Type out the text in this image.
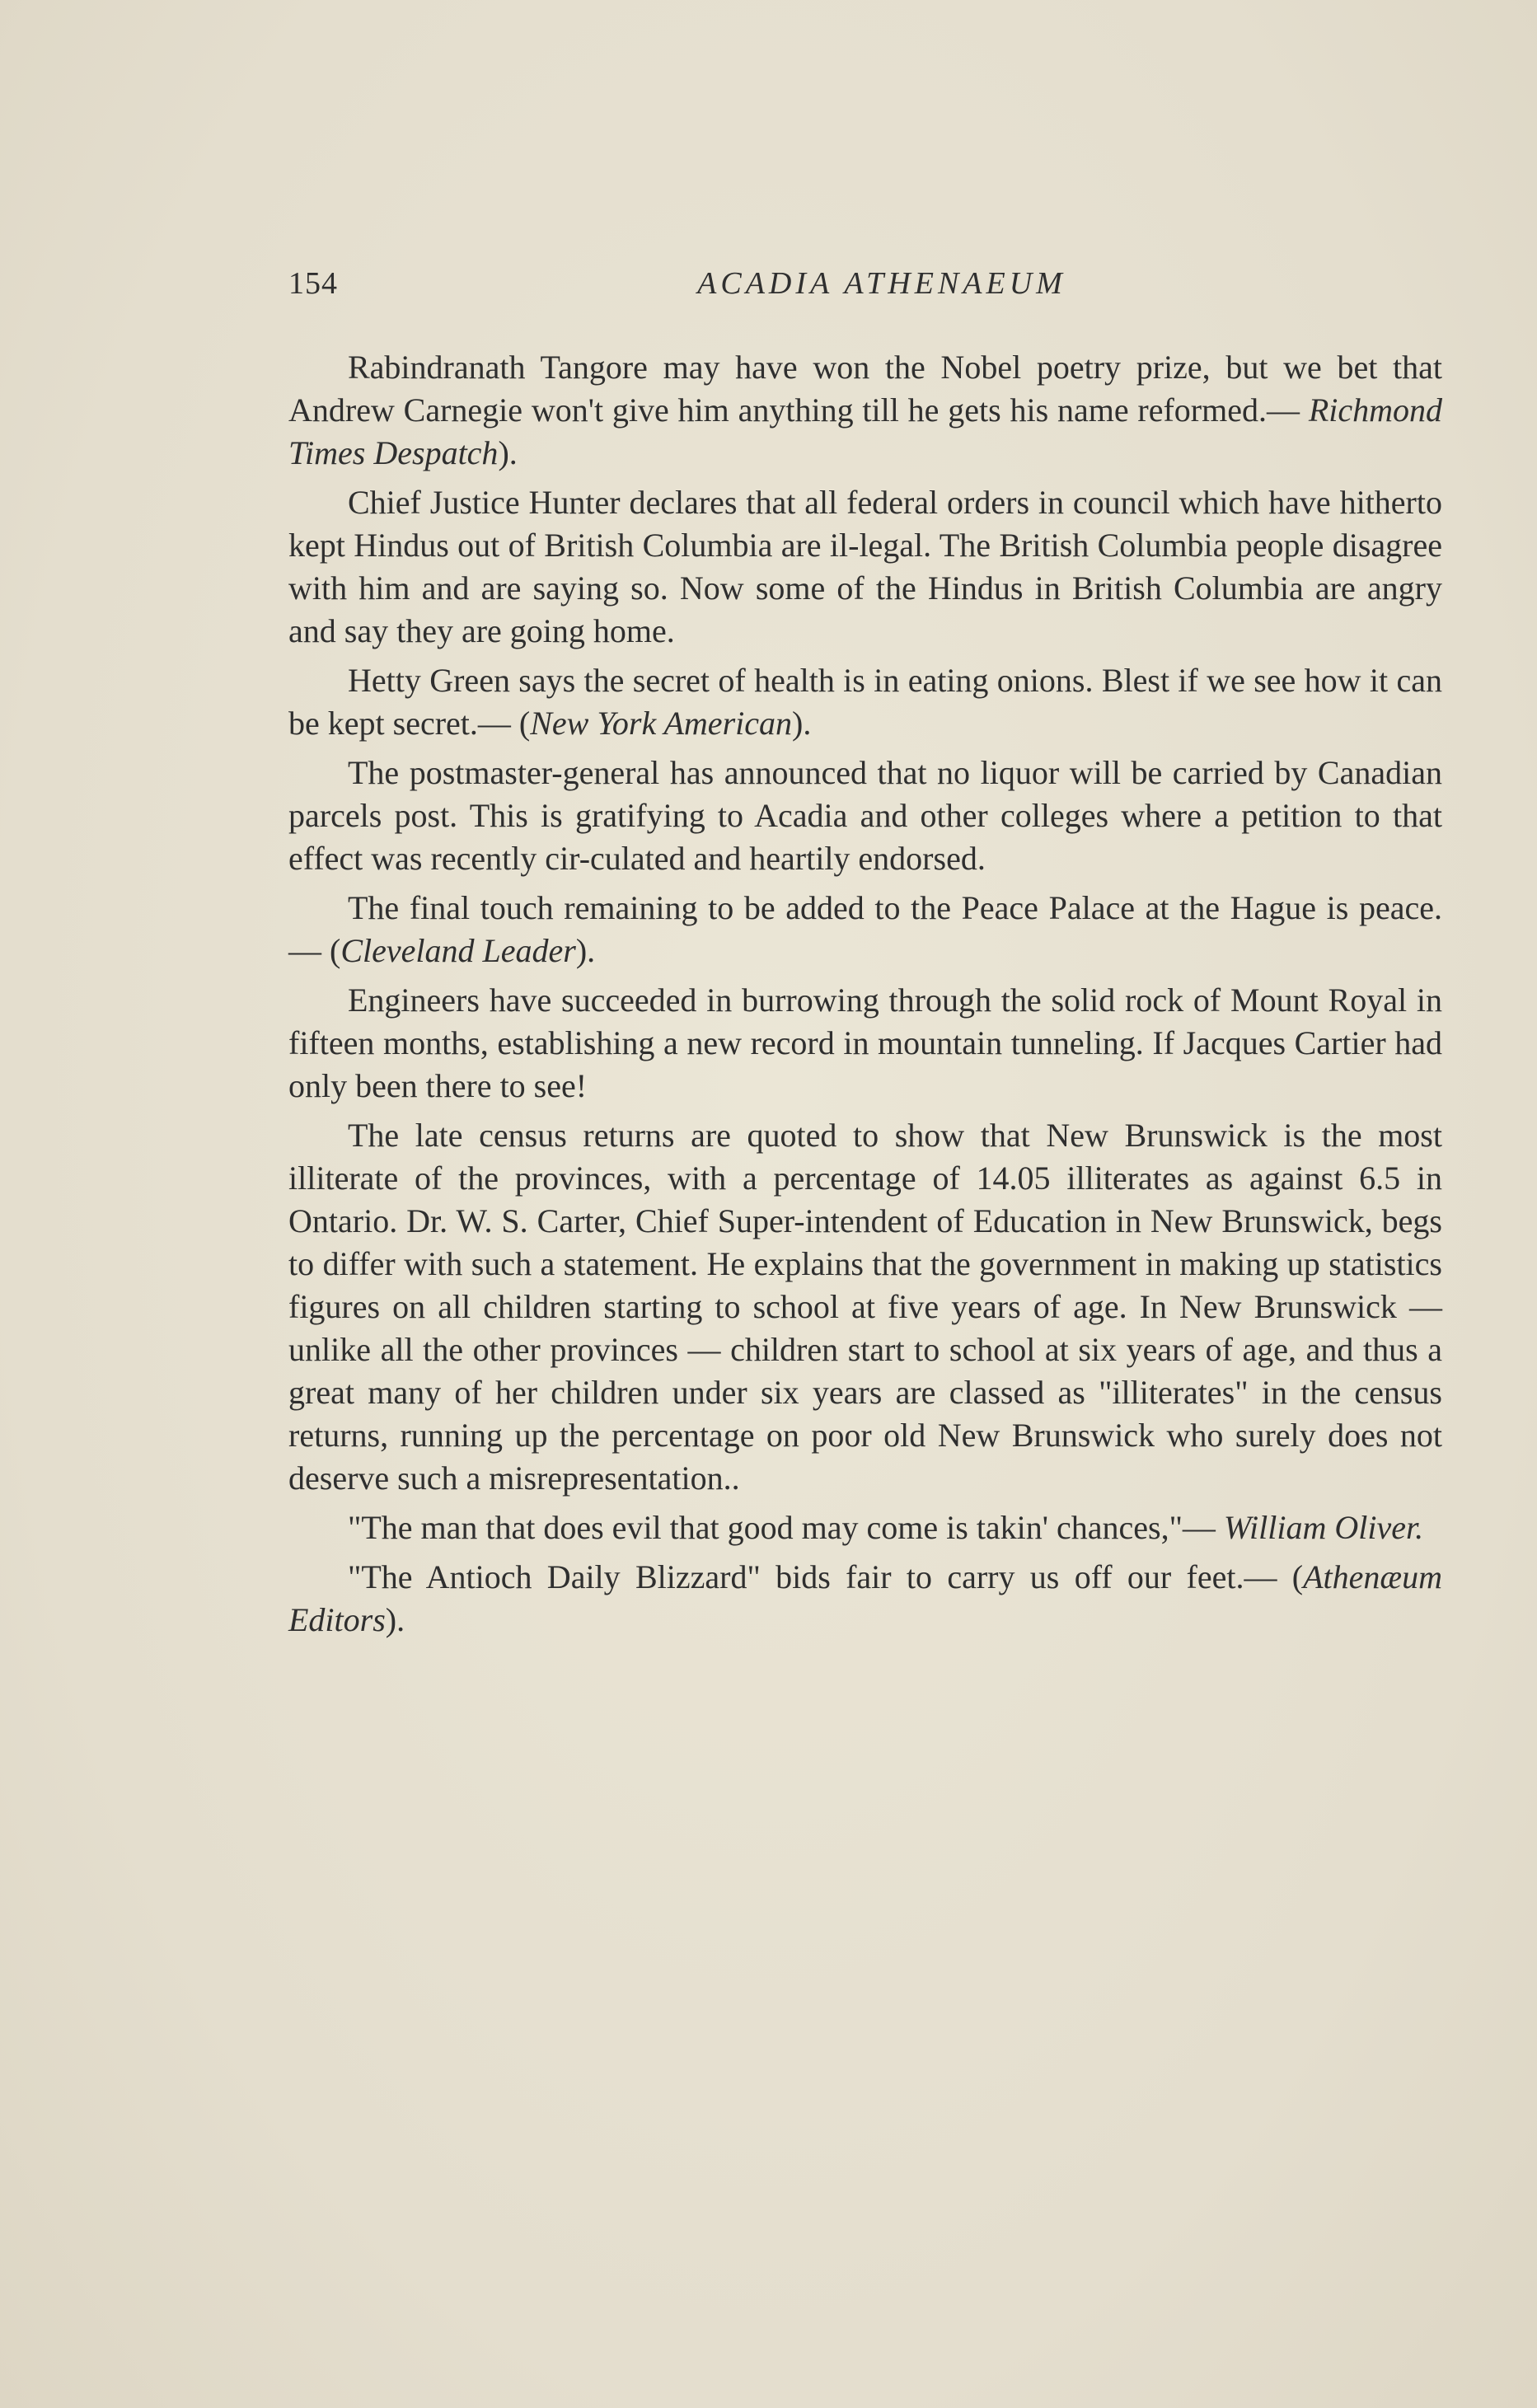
154	ACADIA ATHENAEUM

Rabindranath Tangore may have won the Nobel poetry prize, but we bet that Andrew Carnegie won't give him anything till he gets his name reformed.— Richmond Times Despatch).

Chief Justice Hunter declares that all federal orders in council which have hitherto kept Hindus out of British Columbia are il-legal. The British Columbia people disagree with him and are saying so. Now some of the Hindus in British Columbia are angry and say they are going home.

Hetty Green says the secret of health is in eating onions. Blest if we see how it can be kept secret.— (New York American).

The postmaster-general has announced that no liquor will be carried by Canadian parcels post. This is gratifying to Acadia and other colleges where a petition to that effect was recently cir-culated and heartily endorsed.

The final touch remaining to be added to the Peace Palace at the Hague is peace.— (Cleveland Leader).

Engineers have succeeded in burrowing through the solid rock of Mount Royal in fifteen months, establishing a new record in mountain tunneling. If Jacques Cartier had only been there to see!

The late census returns are quoted to show that New Brunswick is the most illiterate of the provinces, with a percentage of 14.05 illiterates as against 6.5 in Ontario. Dr. W. S. Carter, Chief Super-intendent of Education in New Brunswick, begs to differ with such a statement. He explains that the government in making up statistics figures on all children starting to school at five years of age. In New Brunswick — unlike all the other provinces — children start to school at six years of age, and thus a great many of her children under six years are classed as "illiterates" in the census returns, running up the percentage on poor old New Brunswick who surely does not deserve such a misrepresentation..

"The man that does evil that good may come is takin' chances,"— William Oliver.

"The Antioch Daily Blizzard" bids fair to carry us off our feet.— (Athenæum Editors).
